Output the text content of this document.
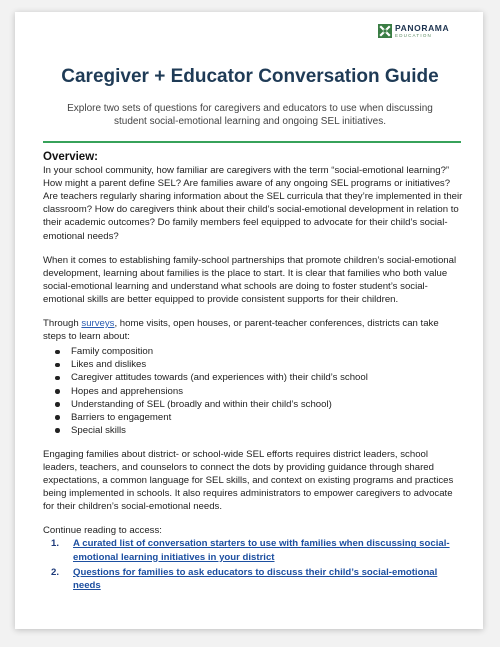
PANORAMA
EDUCATION
Caregiver + Educator Conversation Guide

Explore two sets of questions for caregivers and educators to use when discussing student social-emotional learning and ongoing SEL initiatives.

Overview:

In your school community, how familiar are caregivers with the term “social-emotional learning?” How might a parent define SEL? Are families aware of any ongoing SEL programs or initiatives? Are teachers regularly sharing information about the SEL curricula that they’re implemented in their classroom? How do caregivers think about their child’s social-emotional development in relation to their academic outcomes? Do family members feel equipped to advocate for their child’s social-emotional needs?

When it comes to establishing family-school partnerships that promote children’s social-emotional development, learning about families is the place to start. It is clear that families who both value social-emotional learning and understand what schools are doing to foster student’s social-emotional skills are better equipped to provide consistent supports for their children.

Through surveys, home visits, open houses, or parent-teacher conferences, districts can take steps to learn about:

Family composition
Likes and dislikes
Caregiver attitudes towards (and experiences with) their child’s school
Hopes and apprehensions
Understanding of SEL (broadly and within their child’s school)
Barriers to engagement
Special skills

Engaging families about district- or school-wide SEL efforts requires district leaders, school leaders, teachers, and counselors to connect the dots by providing guidance through shared expectations, a common language for SEL skills, and context on existing programs and practices being implemented in schools. It also requires administrators to empower caregivers to advocate for their children’s social-emotional needs.

Continue reading to access:

1.	A curated list of conversation starters to use with families when discussing social-emotional learning initiatives in your district
2.	Questions for families to ask educators to discuss their child’s social-emotional needs
